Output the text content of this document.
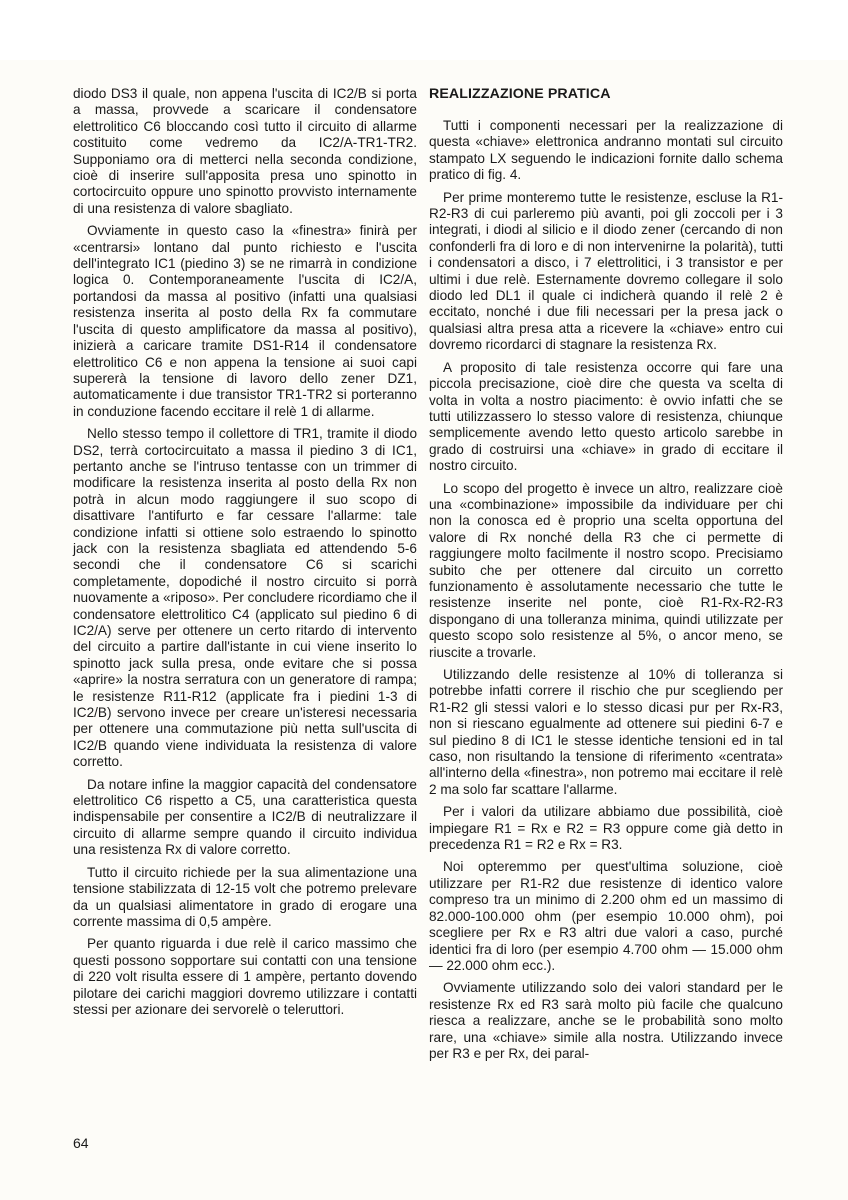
diodo DS3 il quale, non appena l'uscita di IC2/B si porta a massa, provvede a scaricare il condensatore elettrolitico C6 bloccando così tutto il circuito di allarme costituito come vedremo da IC2/A-TR1-TR2. Supponiamo ora di metterci nella seconda condizione, cioè di inserire sull'apposita presa uno spinotto in cortocircuito oppure uno spinotto provvisto internamente di una resistenza di valore sbagliato.

Ovviamente in questo caso la «finestra» finirà per «centrarsi» lontano dal punto richiesto e l'uscita dell'integrato IC1 (piedino 3) se ne rimarrà in condizione logica 0. Contemporaneamente l'uscita di IC2/A, portandosi da massa al positivo (infatti una qualsiasi resistenza inserita al posto della Rx fa commutare l'uscita di questo amplificatore da massa al positivo), inizierà a caricare tramite DS1-R14 il condensatore elettrolitico C6 e non appena la tensione ai suoi capi supererà la tensione di lavoro dello zener DZ1, automaticamente i due transistor TR1-TR2 si porteranno in conduzione facendo eccitare il relè 1 di allarme.

Nello stesso tempo il collettore di TR1, tramite il diodo DS2, terrà cortocircuitato a massa il piedino 3 di IC1, pertanto anche se l'intruso tentasse con un trimmer di modificare la resistenza inserita al posto della Rx non potrà in alcun modo raggiungere il suo scopo di disattivare l'antifurto e far cessare l'allarme: tale condizione infatti si ottiene solo estraendo lo spinotto jack con la resistenza sbagliata ed attendendo 5-6 secondi che il condensatore C6 si scarichi completamente, dopodiché il nostro circuito si porrà nuovamente a «riposo». Per concludere ricordiamo che il condensatore elettrolitico C4 (applicato sul piedino 6 di IC2/A) serve per ottenere un certo ritardo di intervento del circuito a partire dall'istante in cui viene inserito lo spinotto jack sulla presa, onde evitare che si possa «aprire» la nostra serratura con un generatore di rampa; le resistenze R11-R12 (applicate fra i piedini 1-3 di IC2/B) servono invece per creare un'isteresi necessaria per ottenere una commutazione più netta sull'uscita di IC2/B quando viene individuata la resistenza di valore corretto.

Da notare infine la maggior capacità del condensatore elettrolitico C6 rispetto a C5, una caratteristica questa indispensabile per consentire a IC2/B di neutralizzare il circuito di allarme sempre quando il circuito individua una resistenza Rx di valore corretto.

Tutto il circuito richiede per la sua alimentazione una tensione stabilizzata di 12-15 volt che potremo prelevare da un qualsiasi alimentatore in grado di erogare una corrente massima di 0,5 ampère.

Per quanto riguarda i due relè il carico massimo che questi possono sopportare sui contatti con una tensione di 220 volt risulta essere di 1 ampère, pertanto dovendo pilotare dei carichi maggiori dovremo utilizzare i contatti stessi per azionare dei servorelè o teleruttori.

REALIZZAZIONE PRATICA

Tutti i componenti necessari per la realizzazione di questa «chiave» elettronica andranno montati sul circuito stampato LX seguendo le indicazioni fornite dallo schema pratico di fig. 4.

Per prime monteremo tutte le resistenze, escluse la R1-R2-R3 di cui parleremo più avanti, poi gli zoccoli per i 3 integrati, i diodi al silicio e il diodo zener (cercando di non confonderli fra di loro e di non intervenirne la polarità), tutti i condensatori a disco, i 7 elettrolitici, i 3 transistor e per ultimi i due relè. Esternamente dovremo collegare il solo diodo led DL1 il quale ci indicherà quando il relè 2 è eccitato, nonché i due fili necessari per la presa jack o qualsiasi altra presa atta a ricevere la «chiave» entro cui dovremo ricordarci di stagnare la resistenza Rx.

A proposito di tale resistenza occorre qui fare una piccola precisazione, cioè dire che questa va scelta di volta in volta a nostro piacimento: è ovvio infatti che se tutti utilizzassero lo stesso valore di resistenza, chiunque semplicemente avendo letto questo articolo sarebbe in grado di costruirsi una «chiave» in grado di eccitare il nostro circuito.

Lo scopo del progetto è invece un altro, realizzare cioè una «combinazione» impossibile da individuare per chi non la conosca ed è proprio una scelta opportuna del valore di Rx nonché della R3 che ci permette di raggiungere molto facilmente il nostro scopo. Precisiamo subito che per ottenere dal circuito un corretto funzionamento è assolutamente necessario che tutte le resistenze inserite nel ponte, cioè R1-Rx-R2-R3 dispongano di una tolleranza minima, quindi utilizzate per questo scopo solo resistenze al 5%, o ancor meno, se riuscite a trovarle.

Utilizzando delle resistenze al 10% di tolleranza si potrebbe infatti correre il rischio che pur scegliendo per R1-R2 gli stessi valori e lo stesso dicasi pur per Rx-R3, non si riescano egualmente ad ottenere sui piedini 6-7 e sul piedino 8 di IC1 le stesse identiche tensioni ed in tal caso, non risultando la tensione di riferimento «centrata» all'interno della «finestra», non potremo mai eccitare il relè 2 ma solo far scattare l'allarme.

Per i valori da utilizare abbiamo due possibilità, cioè impiegare R1 = Rx e R2 = R3 oppure come già detto in precedenza R1 = R2 e Rx = R3.

Noi opteremmo per quest'ultima soluzione, cioè utilizzare per R1-R2 due resistenze di identico valore compreso tra un minimo di 2.200 ohm ed un massimo di 82.000-100.000 ohm (per esempio 10.000 ohm), poi scegliere per Rx e R3 altri due valori a caso, purché identici fra di loro (per esempio 4.700 ohm — 15.000 ohm — 22.000 ohm ecc.).

Ovviamente utilizzando solo dei valori standard per le resistenze Rx ed R3 sarà molto più facile che qualcuno riesca a realizzare, anche se le probabilità sono molto rare, una «chiave» simile alla nostra. Utilizzando invece per R3 e per Rx, dei paral-

64
